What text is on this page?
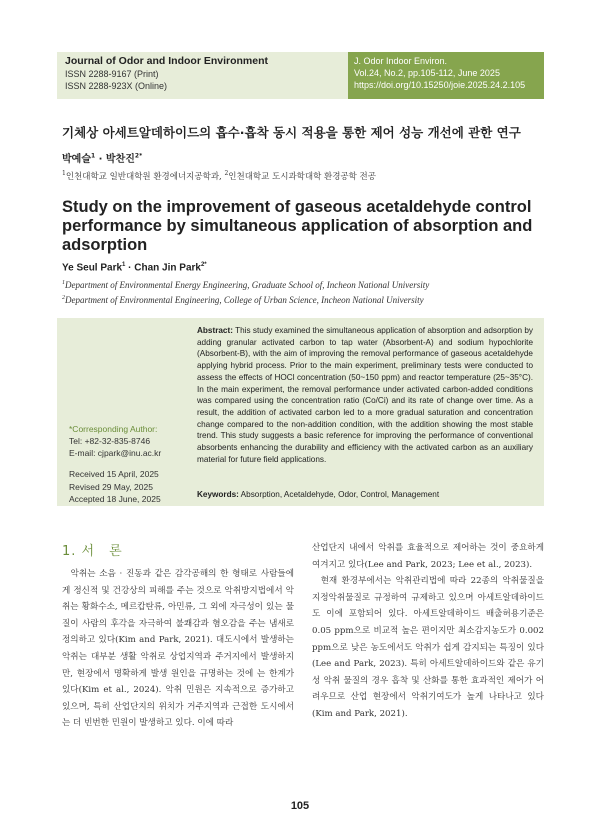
Journal of Odor and Indoor Environment
ISSN 2288-9167 (Print)
ISSN 2288-923X (Online)
J. Odor Indoor Environ.
Vol.24, No.2, pp.105-112, June 2025
https://doi.org/10.15250/joie.2025.24.2.105
기체상 아세트알데하이드의 흡수·흡착 동시 적용을 통한 제어 성능 개선에 관한 연구
박예슬$^1$ · 박찬진$^{2*}$
$^1$인천대학교 일반대학원 환경에너지공학과, $^2$인천대학교 도시과학대학 환경공학 전공
Study on the improvement of gaseous acetaldehyde control performance by simultaneous application of absorption and adsorption
Ye Seul Park$^1$ · Chan Jin Park$^{2*}$
$^1$Department of Environmental Energy Engineering, Graduate School of, Incheon National University
$^2$Department of Environmental Engineering, College of Urban Science, Incheon National University
*Corresponding Author:
Tel: +82-32-835-8746
E-mail: cjpark@inu.ac.kr
Received 15 April, 2025
Revised 29 May, 2025
Accepted 18 June, 2025
Abstract: This study examined the simultaneous application of absorption and adsorption by adding granular activated carbon to tap water (Absorbent-A) and sodium hypochlorite (Absorbent-B), with the aim of improving the removal performance of gaseous acetaldehyde applying hybrid process. Prior to the main experiment, preliminary tests were conducted to assess the effects of HOCl concentration (50~150 ppm) and reactor temperature (25~35°C). In the main experiment, the removal performance under activated carbon-added conditions was compared using the concentration ratio (Co/Ci) and its rate of change over time. As a result, the addition of activated carbon led to a more gradual saturation and concentration change compared to the non-addition condition, with the addition showing the most stable trend. This study suggests a basic reference for improving the performance of conventional absorbents enhancing the durability and efficiency with the activated carbon as an auxiliary material for future field applications.
Keywords: Absorption, Acetaldehyde, Odor, Control, Management
1. 서　론

악취는 소음 · 진동과 같은 감각공해의 한 형태로 사람들에게 정신적 및 건강상의 피해를 주는 것으로 악취방지법에서 악취는 황화수소, 메르캅탄류, 아민류, 그 외에 자극성이 있는 물질이 사람의 후각을 자극하여 불쾌감과 혐오감을 주는 냄새로 정의하고 있다(Kim and Park, 2021). 대도시에서 발생하는 악취는 대부분 생활 악취로 상업지역과 주거지에서 발생하지만, 현장에서 명확하게 발생 원인을 규명하는 것에 는 한계가 있다(Kim et al., 2024). 악취 민원은 지속적으로 증가하고 있으며, 특히 산업단지의 위치가 거주지역과 근접한 도시에서는 더 빈번한 민원이 발생하고 있다. 이에 따라

산업단지 내에서 악취를 효율적으로 제어하는 것이 중요하게 여겨지고 있다(Lee and Park, 2023; Lee et al., 2023).

현재 환경부에서는 악취관리법에 따라 22종의 악취물질을 지정악취물질로 규정하여 규제하고 있으며 아세트알데하이드도 이에 포함되어 있다. 아세트알데하이드 배출허용기준은 0.05 ppm으로 비교적 높은 편이지만 최소감지농도가 0.002 ppm으로 낮은 농도에서도 악취가 쉽게 감지되는 특징이 있다(Lee and Park, 2023). 특히 아세트알데하이드와 같은 유기성 악취 물질의 경우 흡착 및 산화를 통한 효과적인 제어가 어려우므로 산업 현장에서 악취기여도가 높게 나타나고 있다(Kim and Park, 2021).

105
